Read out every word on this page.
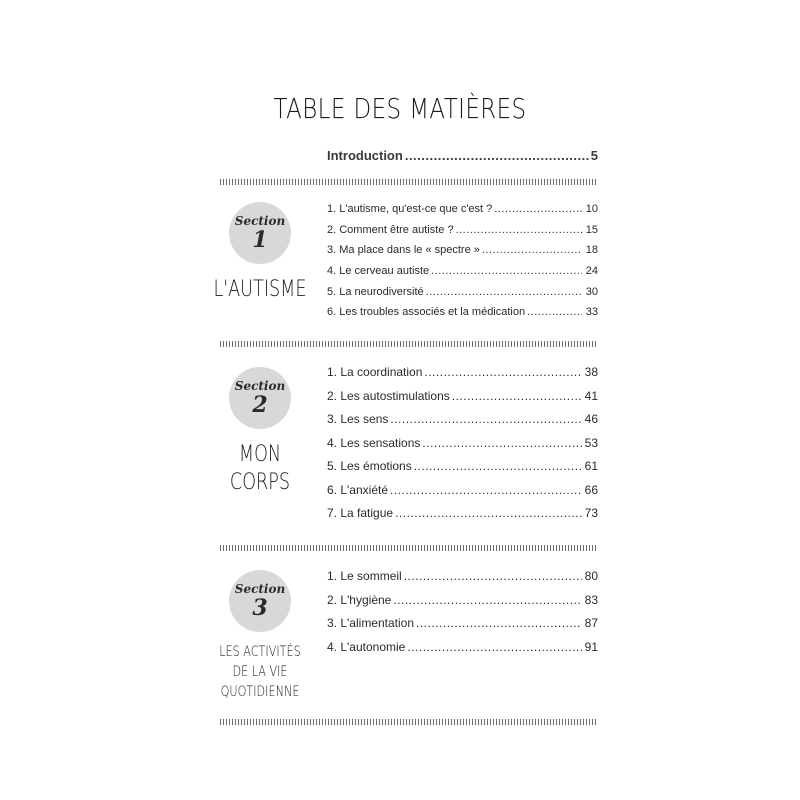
TABLE DES MATIÈRES
Introduction .....	5
Section
1
L'AUTISME
1. L'autisme, qu'est-ce que c'est ? .....	10
2. Comment être autiste ? .....	15
3. Ma place dans le « spectre » .....	18
4. Le cerveau autiste .....	24
5. La neurodiversité .....	30
6. Les troubles associés et la médication .....	33
Section
2
MON
CORPS
1. La coordination .....	38
2. Les autostimulations .....	41
3. Les sens .....	46
4. Les sensations .....	53
5. Les émotions .....	61
6. L'anxiété .....	66
7. La fatigue .....	73
Section
3
LES ACTIVITÉS
DE LA VIE
QUOTIDIENNE
1. Le sommeil .....	80
2. L'hygiène .....	83
3. L'alimentation .....	87
4. L'autonomie .....	91
